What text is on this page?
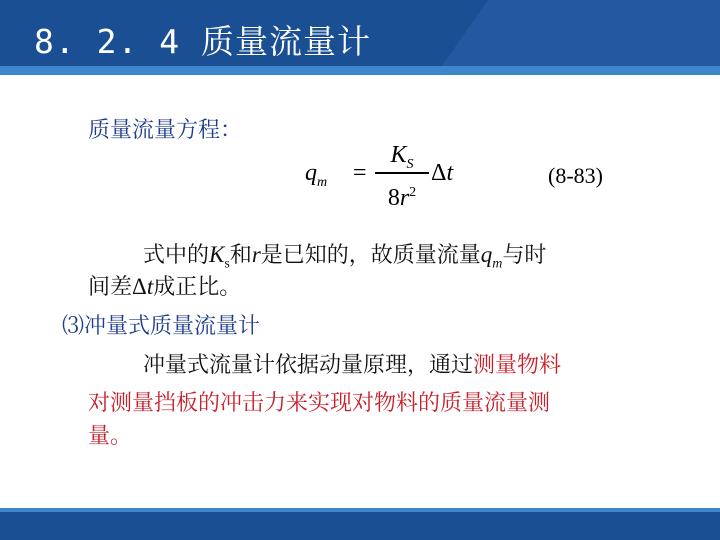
8. 2. 4 质量流量计
质量流量方程：
$q_m$ =
$K_S$
$8r^2$
Δt	(8-83)
式中的$K_s$和r是已知的，故质量流量$q_m$与时
间差Δt成正比。
⑶冲量式质量流量计
冲量式流量计依据动量原理，通过测量物料
对测量挡板的冲击力来实现对物料的质量流量测
量。
